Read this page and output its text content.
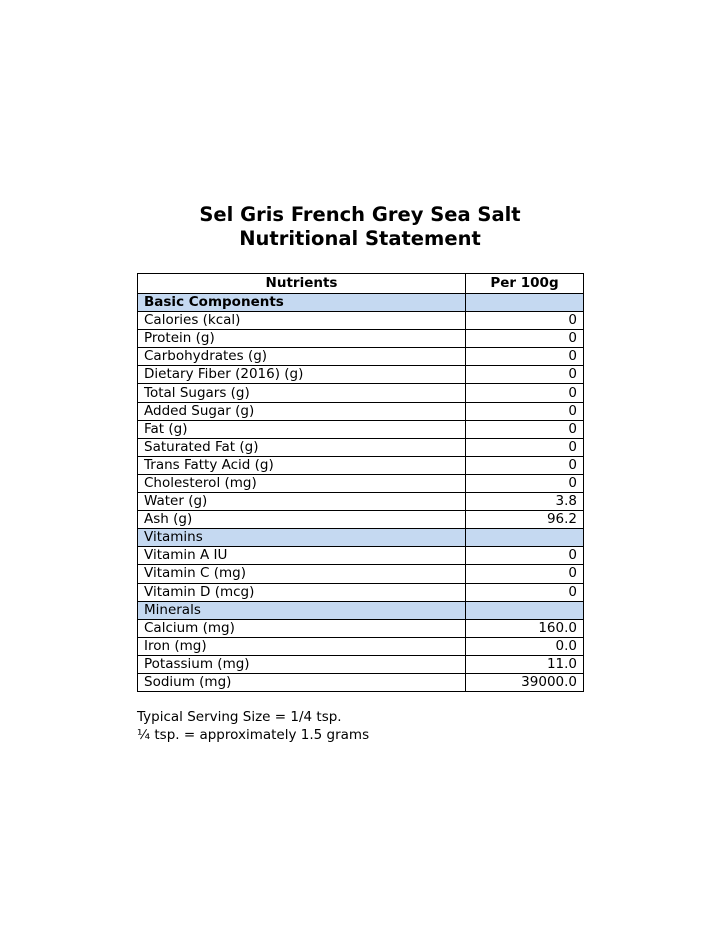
Sel Gris French Grey Sea Salt
Nutritional Statement
Nutrients	Per 100g
Basic Components	
Calories (kcal)	0
Protein (g)	0
Carbohydrates (g)	0
Dietary Fiber (2016) (g)	0
Total Sugars (g)	0
Added Sugar (g)	0
Fat (g)	0
Saturated Fat (g)	0
Trans Fatty Acid (g)	0
Cholesterol (mg)	0
Water (g)	3.8
Ash (g)	96.2
Vitamins	
Vitamin A IU	0
Vitamin C (mg)	0
Vitamin D (mcg)	0
Minerals	
Calcium (mg)	160.0
Iron (mg)	0.0
Potassium (mg)	11.0
Sodium (mg)	39000.0

Typical Serving Size = 1/4 tsp.

¼ tsp. = approximately 1.5 grams
